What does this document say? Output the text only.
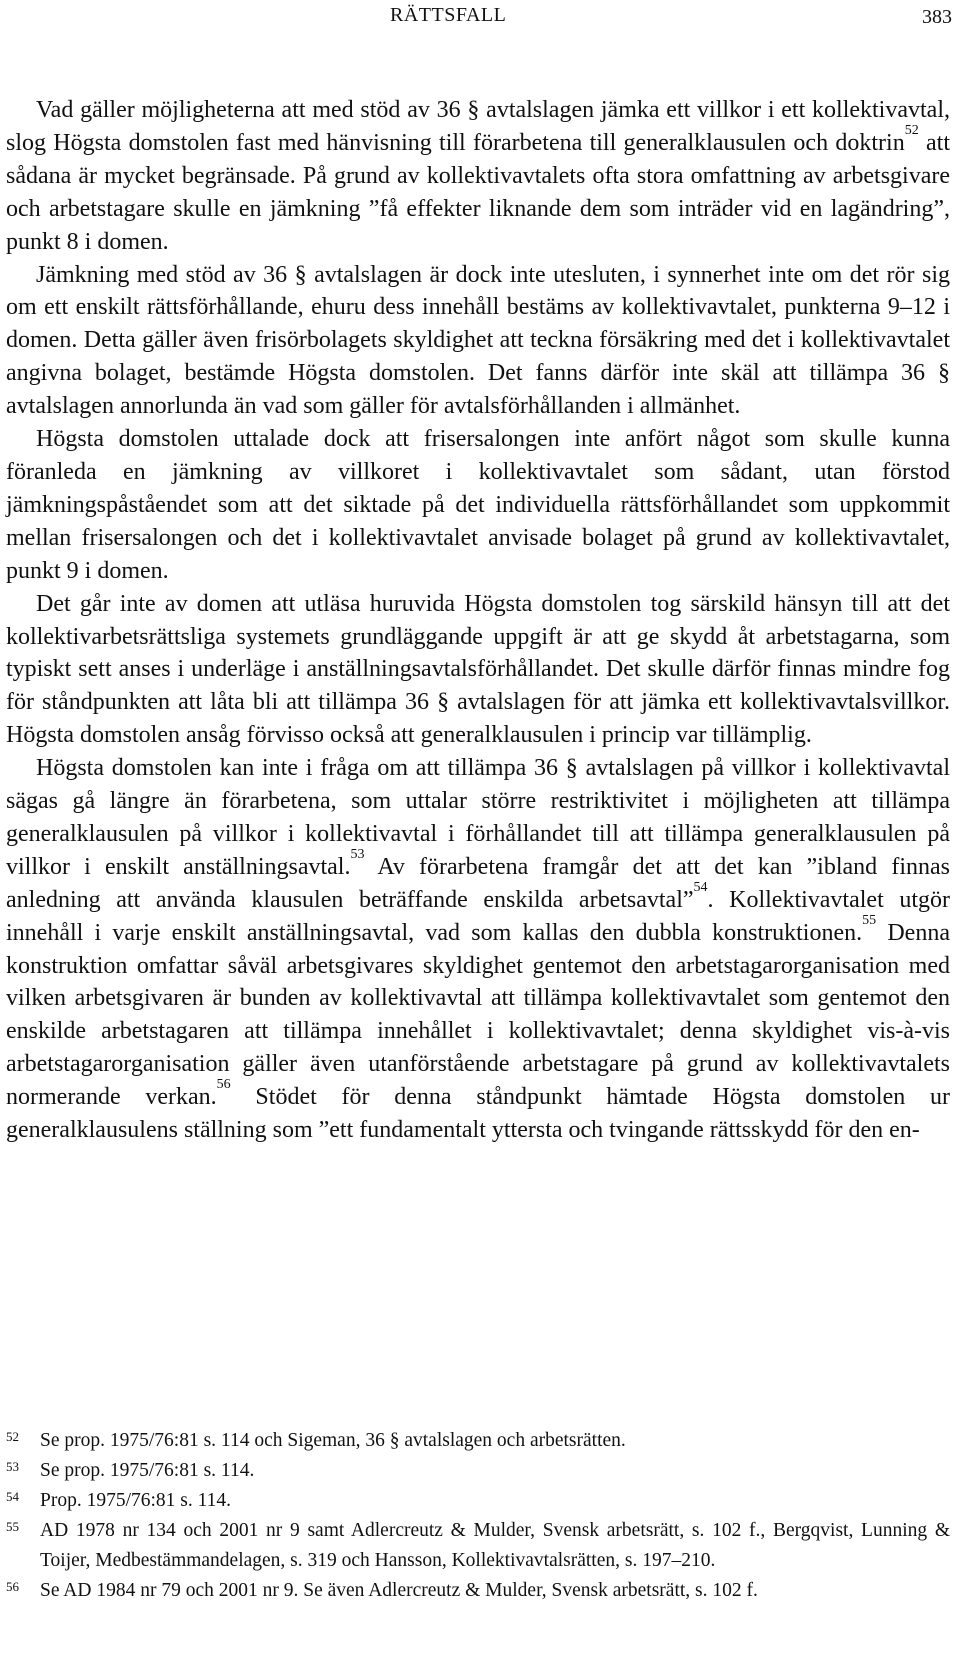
RÄTTSFALL	383

Vad gäller möjligheterna att med stöd av 36 § avtalslagen jämka ett villkor i ett kollektivavtal, slog Högsta domstolen fast med hänvisning till förarbetena till generalklausulen och doktrin$^{52}$ att sådana är mycket begränsade. På grund av kollektivavtalets ofta stora omfattning av arbetsgivare och arbetstagare skulle en jämkning ”få effekter liknande dem som inträder vid en lagändring”, punkt 8 i domen.

Jämkning med stöd av 36 § avtalslagen är dock inte utesluten, i synnerhet inte om det rör sig om ett enskilt rättsförhållande, ehuru dess innehåll bestäms av kollektivavtalet, punkterna 9–12 i domen. Detta gäller även frisörbolagets skyldighet att teckna försäkring med det i kollektivavtalet angivna bolaget, bestämde Högsta domstolen. Det fanns därför inte skäl att tillämpa 36 § avtalslagen annorlunda än vad som gäller för avtalsförhållanden i allmänhet.

Högsta domstolen uttalade dock att frisersalongen inte anfört något som skulle kunna föranleda en jämkning av villkoret i kollektivavtalet som sådant, utan förstod jämkningspåståendet som att det siktade på det individuella rättsförhållandet som uppkommit mellan frisersalongen och det i kollektivavtalet anvisade bolaget på grund av kollektivavtalet, punkt 9 i domen.

Det går inte av domen att utläsa huruvida Högsta domstolen tog särskild hänsyn till att det kollektivarbetsrättsliga systemets grundläggande uppgift är att ge skydd åt arbetstagarna, som typiskt sett anses i underläge i anställningsavtalsförhållandet. Det skulle därför finnas mindre fog för ståndpunkten att låta bli att tillämpa 36 § avtalslagen för att jämka ett kollektivavtalsvillkor. Högsta domstolen ansåg förvisso också att generalklausulen i princip var tillämplig.

Högsta domstolen kan inte i fråga om att tillämpa 36 § avtalslagen på villkor i kollektivavtal sägas gå längre än förarbetena, som uttalar större restriktivitet i möjligheten att tillämpa generalklausulen på villkor i kollektivavtal i förhållandet till att tillämpa generalklausulen på villkor i enskilt anställningsavtal.$^{53}$ Av förarbetena framgår det att det kan ”ibland finnas anledning att använda klausulen beträffande enskilda arbetsavtal”$^{54}$. Kollektivavtalet utgör innehåll i varje enskilt anställningsavtal, vad som kallas den dubbla konstruktionen.$^{55}$ Denna konstruktion omfattar såväl arbetsgivares skyldighet gentemot den arbetstagarorganisation med vilken arbetsgivaren är bunden av kollektivavtal att tillämpa kollektivavtalet som gentemot den enskilde arbetstagaren att tillämpa innehållet i kollektivavtalet; denna skyldighet vis-à-vis arbetstagarorganisation gäller även utanförstående arbetstagare på grund av kollektivavtalets normerande verkan.$^{56}$ Stödet för denna ståndpunkt hämtade Högsta domstolen ur generalklausulens ställning som ”ett fundamentalt yttersta och tvingande rättsskydd för den en-

52 Se prop. 1975/76:81 s. 114 och Sigeman, 36 § avtalslagen och arbetsrätten.
53 Se prop. 1975/76:81 s. 114.
54 Prop. 1975/76:81 s. 114.
55 AD 1978 nr 134 och 2001 nr 9 samt Adlercreutz & Mulder, Svensk arbetsrätt, s. 102 f., Bergqvist, Lunning & Toijer, Medbestämmandelagen, s. 319 och Hansson, Kollektivavtalsrätten, s. 197–210.
56 Se AD 1984 nr 79 och 2001 nr 9. Se även Adlercreutz & Mulder, Svensk arbetsrätt, s. 102 f.
